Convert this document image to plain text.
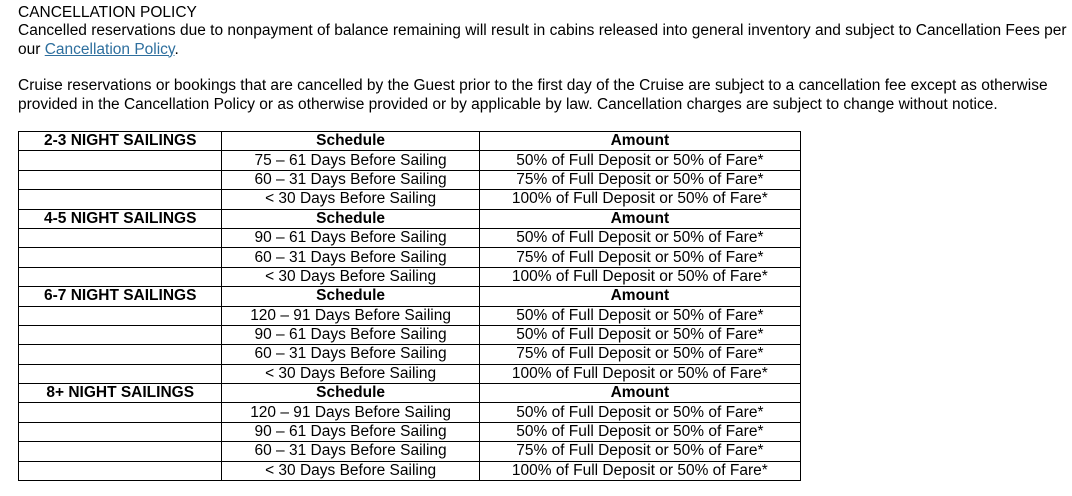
CANCELLATION POLICY

Cancelled reservations due to nonpayment of balance remaining will result in cabins released into general inventory and subject to Cancellation Fees per our Cancellation Policy.

Cruise reservations or bookings that are cancelled by the Guest prior to the first day of the Cruise are subject to a cancellation fee except as otherwise provided in the Cancellation Policy or as otherwise provided or by applicable by law. Cancellation charges are subject to change without notice.

2-3 NIGHT SAILINGS	Schedule	Amount
	75 – 61 Days Before Sailing	50% of Full Deposit or 50% of Fare*
	60 – 31 Days Before Sailing	75% of Full Deposit or 50% of Fare*
	< 30 Days Before Sailing	100% of Full Deposit or 50% of Fare*
4-5 NIGHT SAILINGS	Schedule	Amount
	90 – 61 Days Before Sailing	50% of Full Deposit or 50% of Fare*
	60 – 31 Days Before Sailing	75% of Full Deposit or 50% of Fare*
	< 30 Days Before Sailing	100% of Full Deposit or 50% of Fare*
6-7 NIGHT SAILINGS	Schedule	Amount
	120 – 91 Days Before Sailing	50% of Full Deposit or 50% of Fare*
	90 – 61 Days Before Sailing	50% of Full Deposit or 50% of Fare*
	60 – 31 Days Before Sailing	75% of Full Deposit or 50% of Fare*
	< 30 Days Before Sailing	100% of Full Deposit or 50% of Fare*
8+ NIGHT SAILINGS	Schedule	Amount
	120 – 91 Days Before Sailing	50% of Full Deposit or 50% of Fare*
	90 – 61 Days Before Sailing	50% of Full Deposit or 50% of Fare*
	60 – 31 Days Before Sailing	75% of Full Deposit or 50% of Fare*
	< 30 Days Before Sailing	100% of Full Deposit or 50% of Fare*
